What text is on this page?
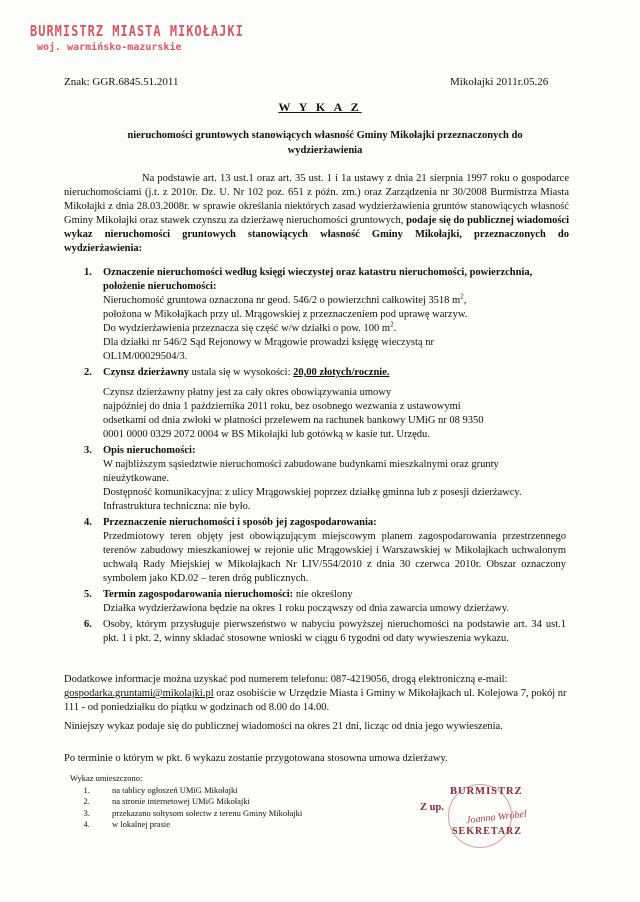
BURMISTRZ MIASTA MIKOŁAJKI
woj. warmińsko-mazurskie
Znak: GGR.6845.51.2011	Mikołajki 2011r.05.26
W Y K A Z
nieruchomości gruntowych stanowiących własność Gminy Mikołajki przeznaczonych do wydzierżawienia

Na podstawie art. 13 ust.1 oraz art. 35 ust. 1 i 1a ustawy z dnia 21 sierpnia 1997 roku o gospodarce nieruchomościami (j.t. z 2010r. Dz. U. Nr 102 poz. 651 z późn. zm.) oraz Zarządzenia nr 30/2008 Burmistrza Miasta Mikołajki z dnia 28.03.2008r. w sprawie określania niektórych zasad wydzierżawienia gruntów stanowiących własność Gminy Mikołajki oraz stawek czynszu za dzierżawę nieruchomości gruntowych, podaje się do publicznej wiadomości wykaz nieruchomości gruntowych stanowiących własność Gminy Mikołajki, przeznaczonych do wydzierżawienia:

1. Oznaczenie nieruchomości według księgi wieczystej oraz katastru nieruchomości, powierzchnia, położenie nieruchomości:
Nieruchomość gruntowa oznaczona nr geod. 546/2 o powierzchni całkowitej 3518 $m^2$,
położona w Mikołajkach przy ul. Mrągowskiej z przeznaczeniem pod uprawę warzyw.
Do wydzierżawienia przeznacza się część w/w działki o pow. 100 $m^2$.
Dla działki nr 546/2 Sąd Rejonowy w Mrągowie prowadzi księgę wieczystą nr
OL1M/00029504/3.
2. Czynsz dzierżawny ustala się w wysokości: 20,00 złotych/rocznie.
Czynsz dzierżawny płatny jest za cały okres obowiązywania umowy
najpóźniej do dnia 1 października 2011 roku, bez osobnego wezwania z ustawowymi
odsetkami od dnia zwłoki w płatności przelewem na rachunek bankowy UMiG nr 08 9350
0001 0000 0329 2072 0004 w BS Mikołajki lub gotówką w kasie tut. Urzędu.
3. Opis nieruchomości:
W najbliższym sąsiedztwie nieruchomości zabudowane budynkami mieszkalnymi oraz grunty nieużytkowane.
Dostępność komunikacyjna: z ulicy Mrągowskiej poprzez działkę gminna lub z posesji dzierżawcy.
Infrastruktura techniczna: nie było.
4. Przeznaczenie nieruchomości i sposób jej zagospodarowania:
Przedmiotowy teren objęty jest obowiązującym miejscowym planem zagospodarowania przestrzennego terenów zabudowy mieszkaniowej w rejonie ulic Mrągowskiej i Warszawskiej w Mikołajkach uchwalonym uchwałą Rady Miejskiej w Mikołajkach Nr LIV/554/2010 z dnia 30 czerwca 2010r. Obszar oznaczony symbolem jako KD.02 – teren dróg publicznych.
5. Termin zagospodarowania nieruchomości: nie określony
Działka wydzierżawiona będzie na okres 1 roku począwszy od dnia zawarcia umowy dzierżawy.
6. Osoby, którym przysługuje pierwszeństwo w nabyciu powyższej nieruchomości na podstawie art. 34 ust.1 pkt. 1 i pkt. 2, winny składać stosowne wnioski w ciągu 6 tygodni od daty wywieszenia wykazu.
Dodatkowe informacje można uzyskać pod numerem telefonu: 087-4219056, drogą elektroniczną e-mail: gospodarka.gruntami@mikolajki.pl oraz osobiście w Urzędzie Miasta i Gminy w Mikołajkach ul. Kolejowa 7, pokój nr 111 - od poniedziałku do piątku w godzinach od 8.00 do 14.00.
Niniejszy wykaz podaje się do publicznej wiadomości na okres 21 dni, licząc od dnia jego wywieszenia.
Po terminie o którym w pkt. 6 wykazu zostanie przygotowana stosowna umowa dzierżawy.
Wykaz umieszczono:
1. na tablicy ogłoszeń UMiG Mikołajki
2. na stronie internetowej UMiG Mikołajki
3. przekazano sołtysom sołectw z terenu Gminy Mikołajki
4. w lokalnej prasie
Z up.
BURMISTRZ
Joanna Wróbel
SEKRETARZ
